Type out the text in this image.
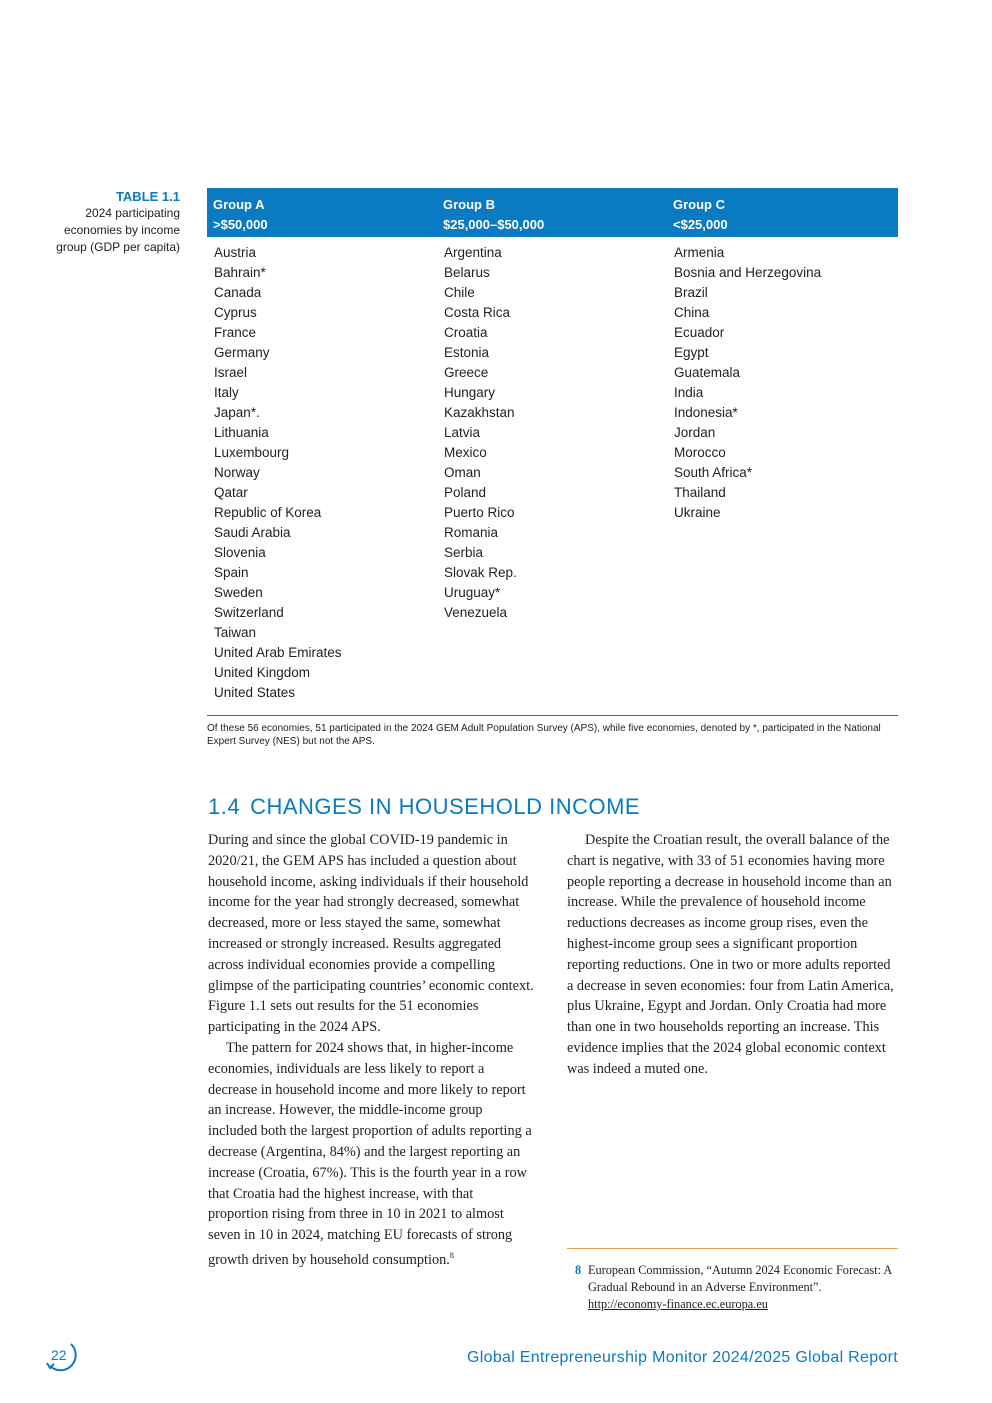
TABLE 1.1
2024 participating economies by income group (GDP per capita)
Group A
>$50,000
Group B
$25,000–$50,000
Group C
<$25,000
Austria
Bahrain*
Canada
Cyprus
France
Germany
Israel
Italy
Japan*.
Lithuania
Luxembourg
Norway
Qatar
Republic of Korea
Saudi Arabia
Slovenia
Spain
Sweden
Switzerland
Taiwan
United Arab Emirates
United Kingdom
United States
Argentina
Belarus
Chile
Costa Rica
Croatia
Estonia
Greece
Hungary
Kazakhstan
Latvia
Mexico
Oman
Poland
Puerto Rico
Romania
Serbia
Slovak Rep.
Uruguay*
Venezuela
Armenia
Bosnia and Herzegovina
Brazil
China
Ecuador
Egypt
Guatemala
India
Indonesia*
Jordan
Morocco
South Africa*
Thailand
Ukraine
Of these 56 economies, 51 participated in the 2024 GEM Adult Population Survey (APS), while five economies, denoted by *, participated in the National Expert Survey (NES) but not the APS.
1.4 CHANGES IN HOUSEHOLD INCOME

During and since the global COVID-19 pandemic in 2020/21, the GEM APS has included a question about household income, asking individuals if their household income for the year had strongly decreased, somewhat decreased, more or less stayed the same, somewhat increased or strongly increased. Results aggregated across individual economies provide a compelling glimpse of the participating countries’ economic context. Figure 1.1 sets out results for the 51 economies participating in the 2024 APS.

The pattern for 2024 shows that, in higher-income economies, individuals are less likely to report a decrease in household income and more likely to report an increase. However, the middle-income group included both the largest proportion of adults reporting a decrease (Argentina, 84%) and the largest reporting an increase (Croatia, 67%). This is the fourth year in a row that Croatia had the highest increase, with that proportion rising from three in 10 in 2021 to almost seven in 10 in 2024, matching EU forecasts of strong growth driven by household consumption.$^8$

Despite the Croatian result, the overall balance of the chart is negative, with 33 of 51 economies having more people reporting a decrease in household income than an increase. While the prevalence of household income reductions decreases as income group rises, even the highest-income group sees a significant proportion reporting reductions. One in two or more adults reported a decrease in seven economies: four from Latin America, plus Ukraine, Egypt and Jordan. Only Croatia had more than one in two households reporting an increase. This evidence implies that the 2024 global economic context was indeed a muted one.

8 European Commission, “Autumn 2024 Economic Forecast: A Gradual Rebound in an Adverse Environment”. http://economy-finance.ec.europa.eu
22	Global Entrepreneurship Monitor 2024/2025 Global Report
